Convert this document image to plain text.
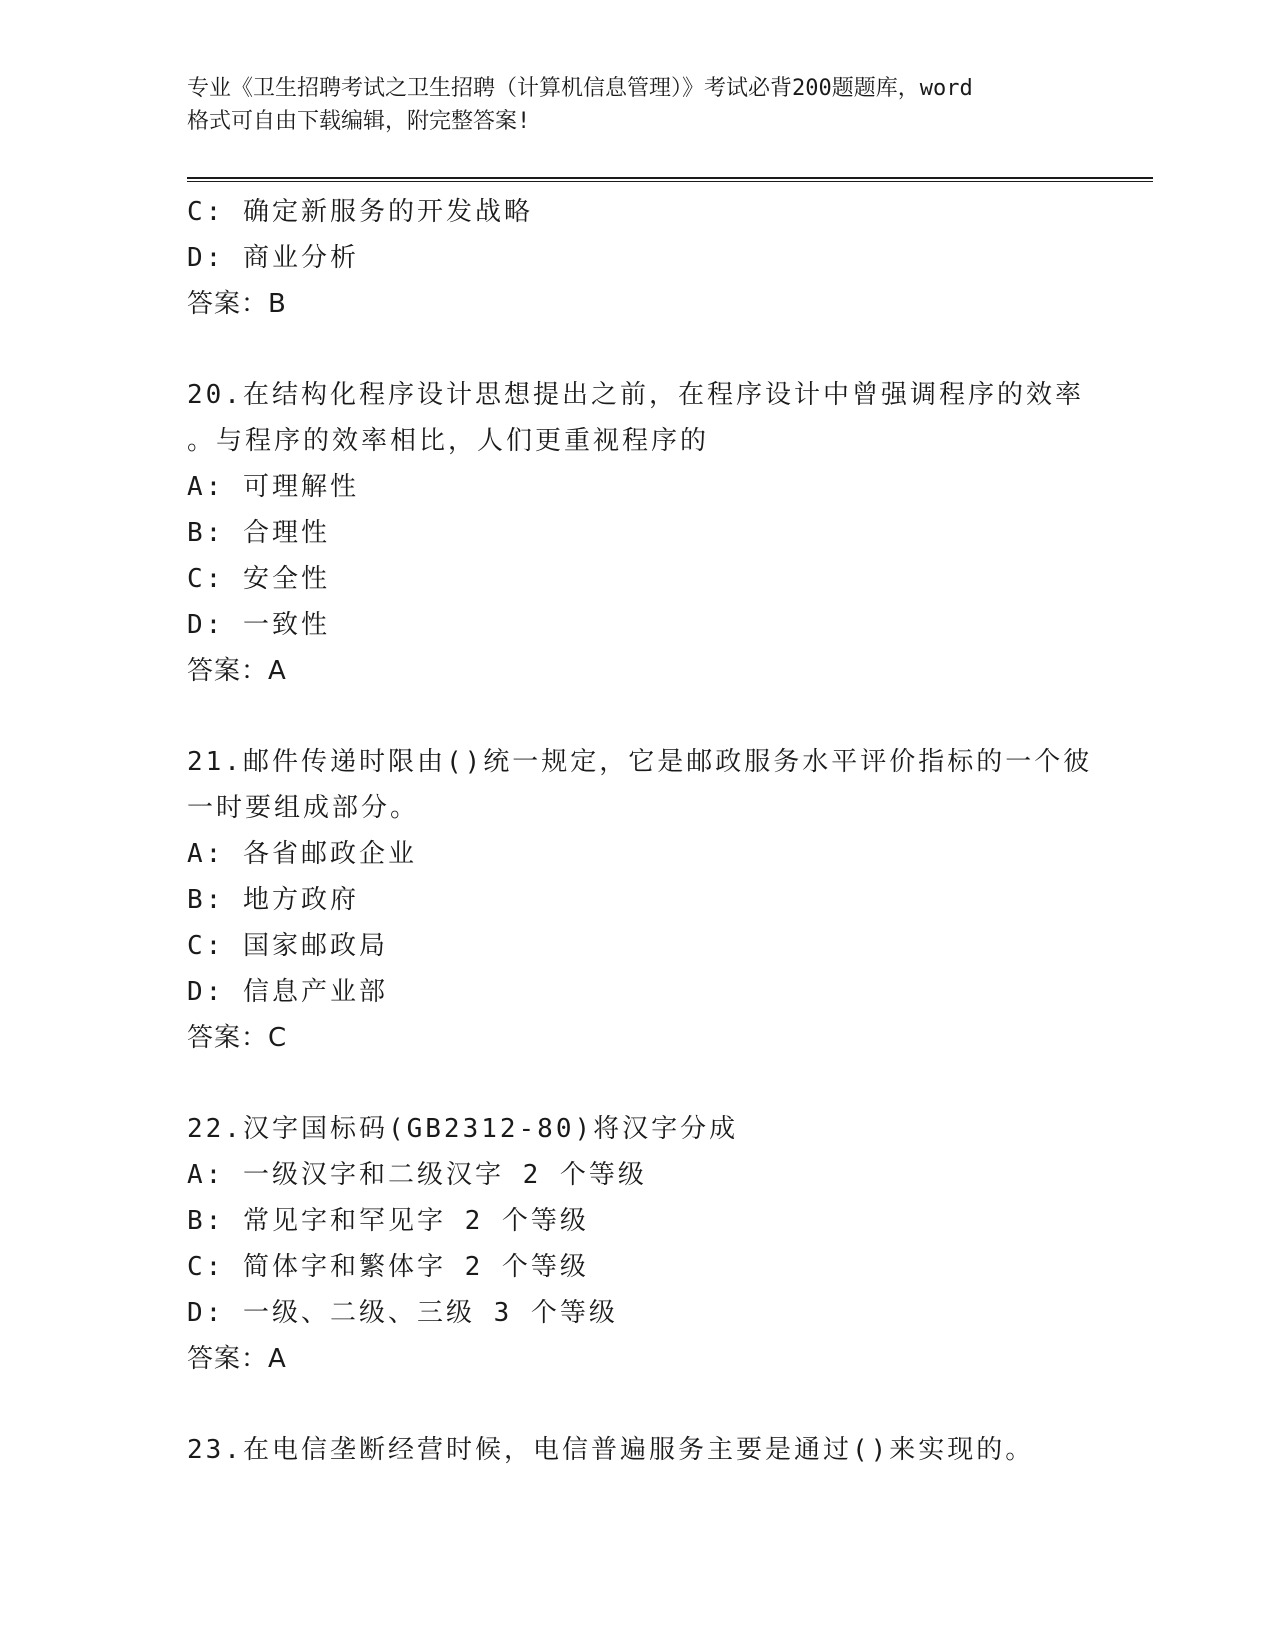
专业《卫生招聘考试之卫生招聘（计算机信息管理）》考试必背200题题库，word
格式可自由下载编辑，附完整答案!
C: 确定新服务的开发战略
D: 商业分析
答案：B
20.在结构化程序设计思想提出之前，在程序设计中曾强调程序的效率
。与程序的效率相比，人们更重视程序的
A: 可理解性
B: 合理性
C: 安全性
D: 一致性
答案：A
21.邮件传递时限由()统一规定，它是邮政服务水平评价指标的一个彼
一时要组成部分。
A: 各省邮政企业
B: 地方政府
C: 国家邮政局
D: 信息产业部
答案：C
22.汉字国标码(GB2312-80)将汉字分成
A: 一级汉字和二级汉字 2 个等级
B: 常见字和罕见字 2 个等级
C: 简体字和繁体字 2 个等级
D: 一级、二级、三级 3 个等级
答案：A
23.在电信垄断经营时候，电信普遍服务主要是通过()来实现的。
